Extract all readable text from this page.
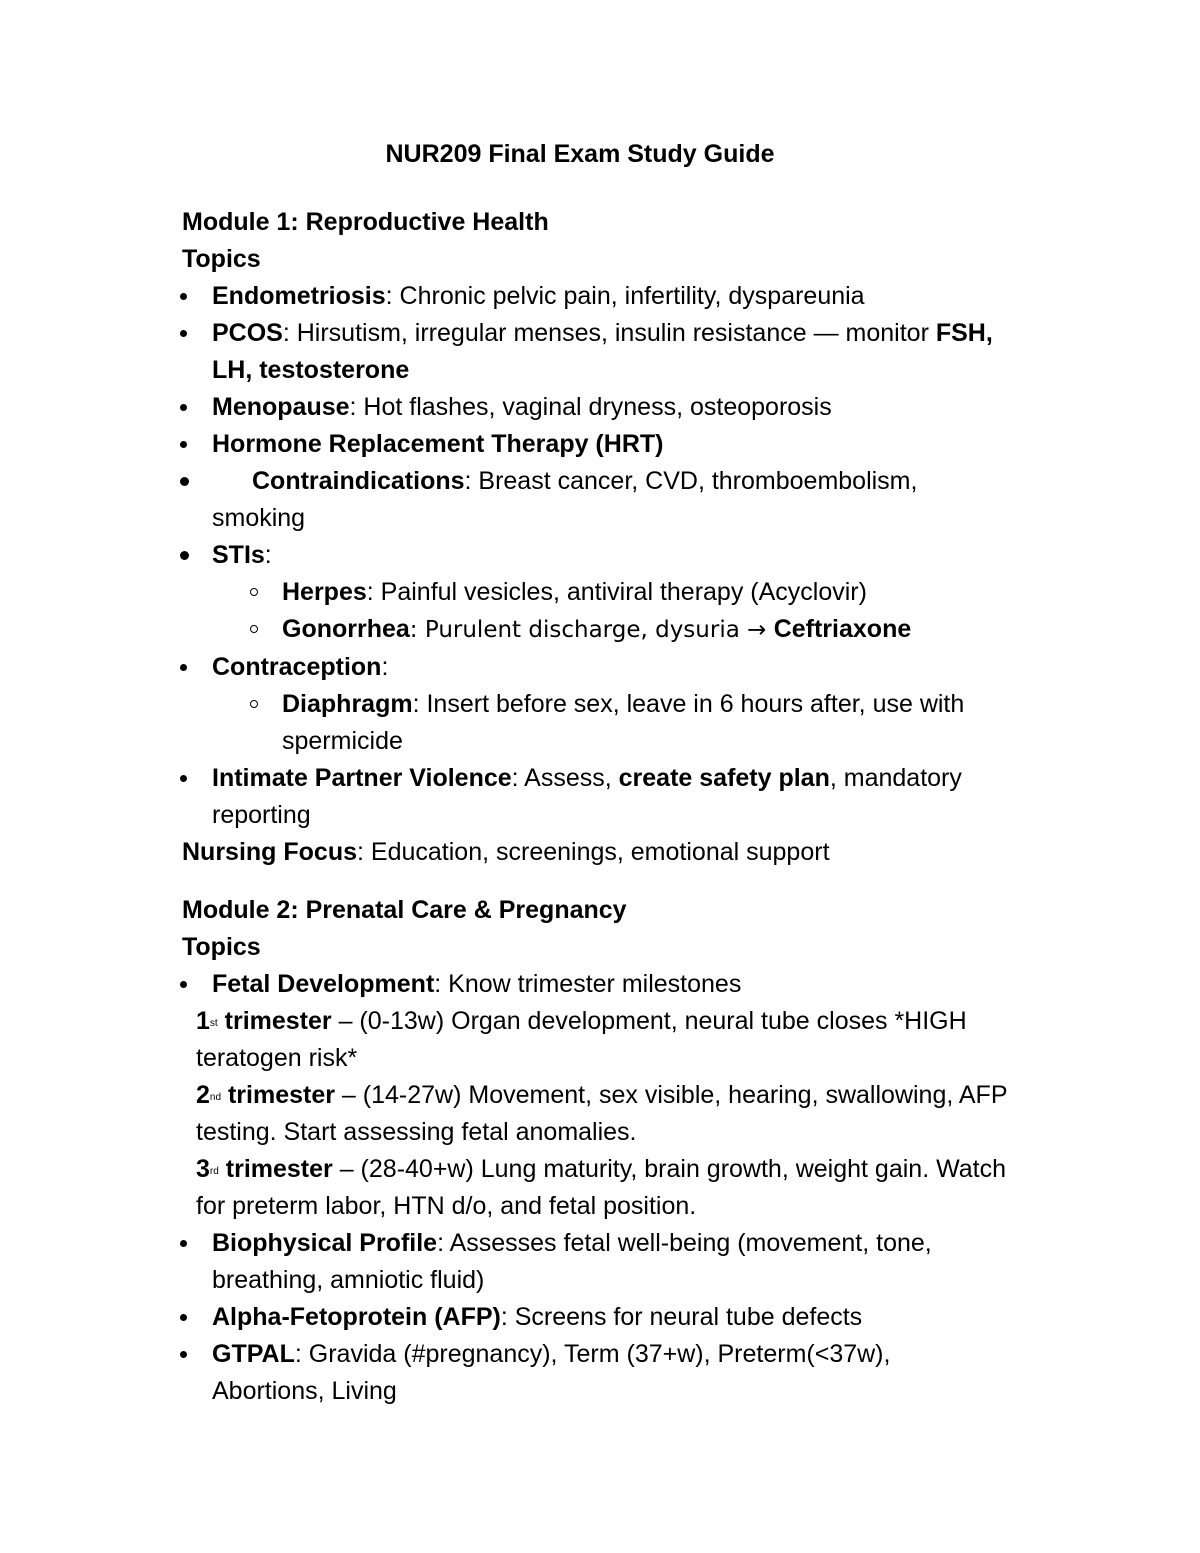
NUR209 Final Exam Study Guide
Module 1: Reproductive Health
Topics
Endometriosis: Chronic pelvic pain, infertility, dyspareunia
PCOS: Hirsutism, irregular menses, insulin resistance — monitor FSH,
LH, testosterone
Menopause: Hot flashes, vaginal dryness, osteoporosis
Hormone Replacement Therapy (HRT)
Contraindications: Breast cancer, CVD, thromboembolism,
smoking
STIs:
Herpes: Painful vesicles, antiviral therapy (Acyclovir)
Gonorrhea: Purulent discharge, dysuria → Ceftriaxone
Contraception:
Diaphragm: Insert before sex, leave in 6 hours after, use with
spermicide
Intimate Partner Violence: Assess, create safety plan, mandatory
reporting
Nursing Focus: Education, screenings, emotional support
Module 2: Prenatal Care & Pregnancy
Topics
Fetal Development: Know trimester milestones
1st trimester – (0-13w) Organ development, neural tube closes *HIGH
teratogen risk*
2nd trimester – (14-27w) Movement, sex visible, hearing, swallowing, AFP
testing. Start assessing fetal anomalies.
3rd trimester – (28-40+w) Lung maturity, brain growth, weight gain. Watch
for preterm labor, HTN d/o, and fetal position.
Biophysical Profile: Assesses fetal well-being (movement, tone,
breathing, amniotic fluid)
Alpha-Fetoprotein (AFP): Screens for neural tube defects
GTPAL: Gravida (#pregnancy), Term (37+w), Preterm(<37w),
Abortions, Living
